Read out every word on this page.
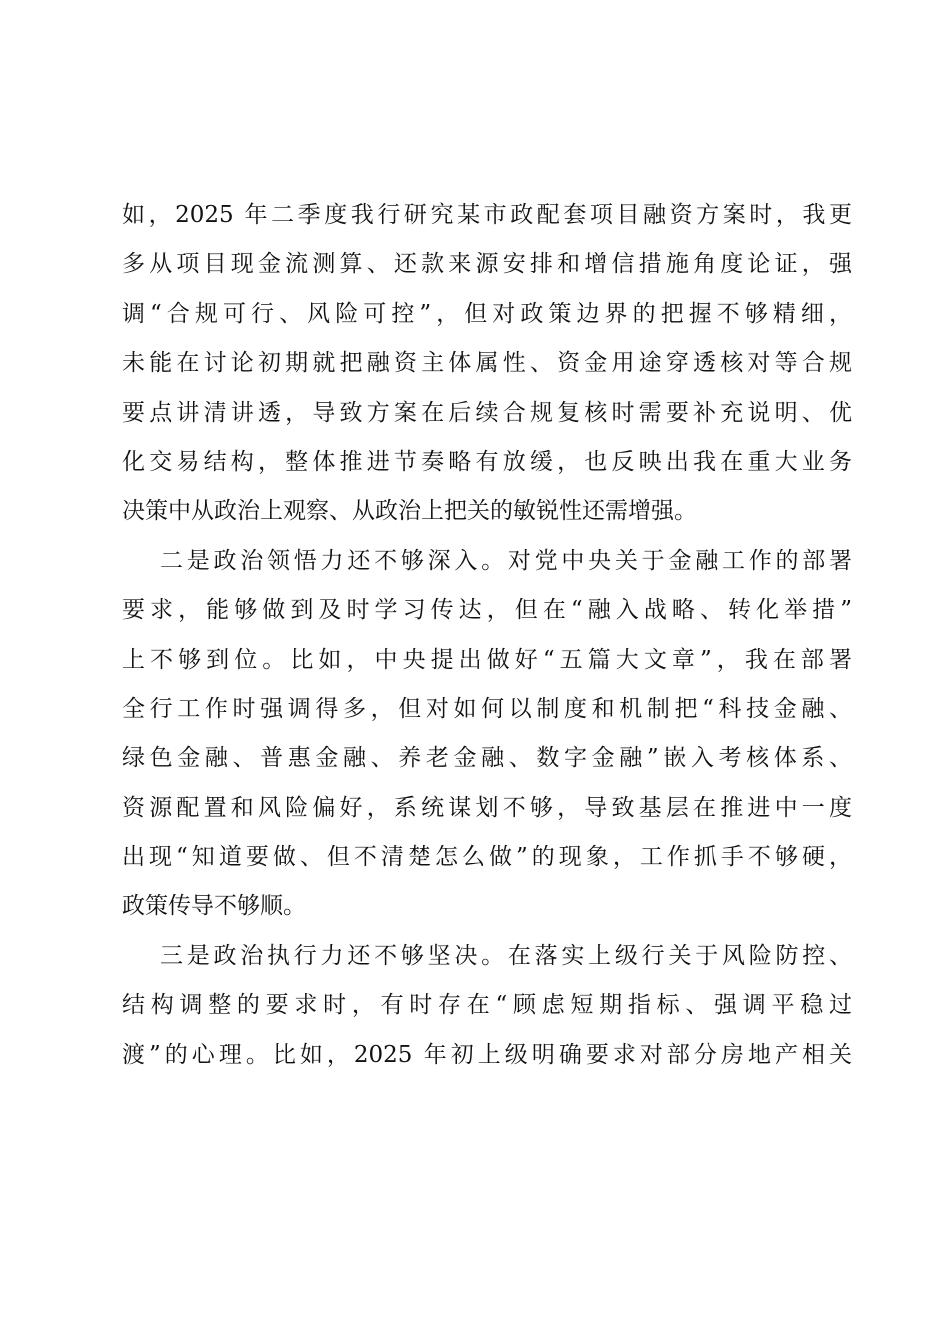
如，2025 年二季度我行研究某市政配套项目融资方案时，我更
多从项目现金流测算、还款来源安排和增信措施角度论证，强
调“合规可行、风险可控”，但对政策边界的把握不够精细，
未能在讨论初期就把融资主体属性、资金用途穿透核对等合规
要点讲清讲透，导致方案在后续合规复核时需要补充说明、优
化交易结构，整体推进节奏略有放缓，也反映出我在重大业务
决策中从政治上观察、从政治上把关的敏锐性还需增强。
二是政治领悟力还不够深入。对党中央关于金融工作的部署
要求，能够做到及时学习传达，但在“融入战略、转化举措”
上不够到位。比如，中央提出做好“五篇大文章”，我在部署
全行工作时强调得多，但对如何以制度和机制把“科技金融、
绿色金融、普惠金融、养老金融、数字金融”嵌入考核体系、
资源配置和风险偏好，系统谋划不够，导致基层在推进中一度
出现“知道要做、但不清楚怎么做”的现象，工作抓手不够硬，
政策传导不够顺。
三是政治执行力还不够坚决。在落实上级行关于风险防控、
结构调整的要求时，有时存在“顾虑短期指标、强调平稳过
渡”的心理。比如，2025 年初上级明确要求对部分房地产相关
